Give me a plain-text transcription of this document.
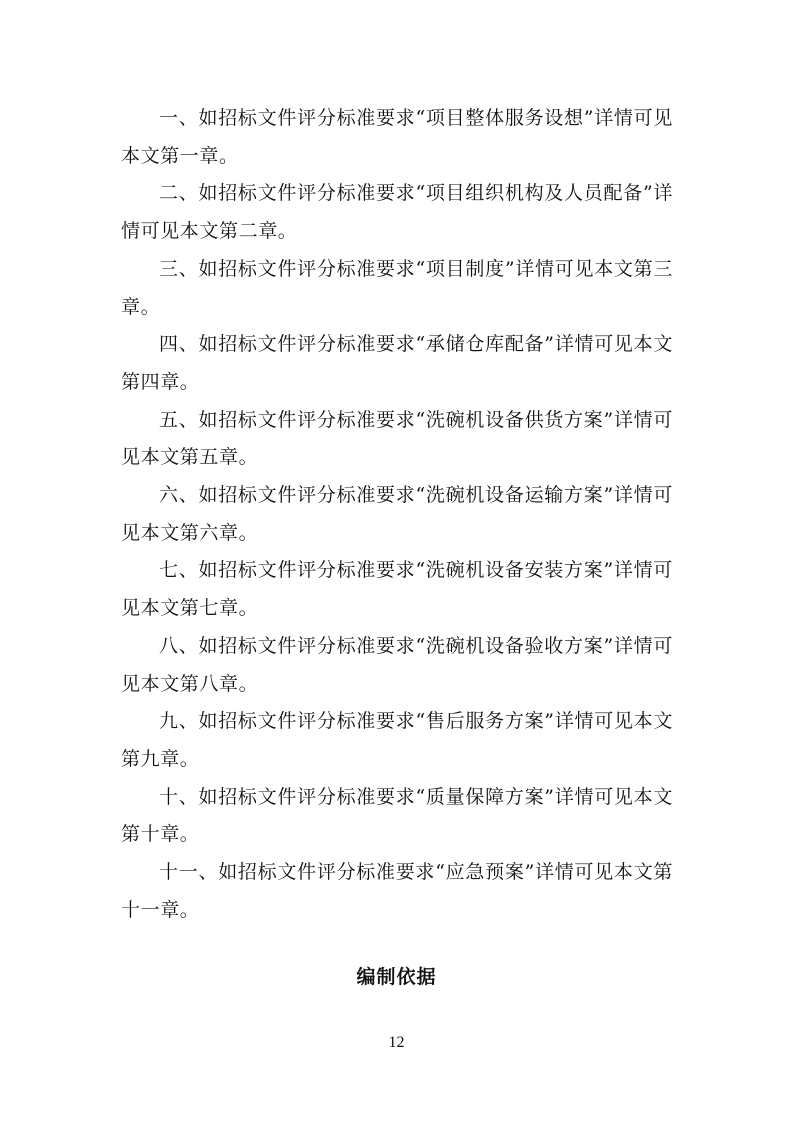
一、如招标文件评分标准要求“项目整体服务设想”详情可见本文第一章。

二、如招标文件评分标准要求“项目组织机构及人员配备”详情可见本文第二章。

三、如招标文件评分标准要求“项目制度”详情可见本文第三章。

四、如招标文件评分标准要求“承储仓库配备”详情可见本文第四章。

五、如招标文件评分标准要求“洗碗机设备供货方案”详情可见本文第五章。

六、如招标文件评分标准要求“洗碗机设备运输方案”详情可见本文第六章。

七、如招标文件评分标准要求“洗碗机设备安装方案”详情可见本文第七章。

八、如招标文件评分标准要求“洗碗机设备验收方案”详情可见本文第八章。

九、如招标文件评分标准要求“售后服务方案”详情可见本文第九章。

十、如招标文件评分标准要求“质量保障方案”详情可见本文第十章。

十一、如招标文件评分标准要求“应急预案”详情可见本文第十一章。

编制依据
12
